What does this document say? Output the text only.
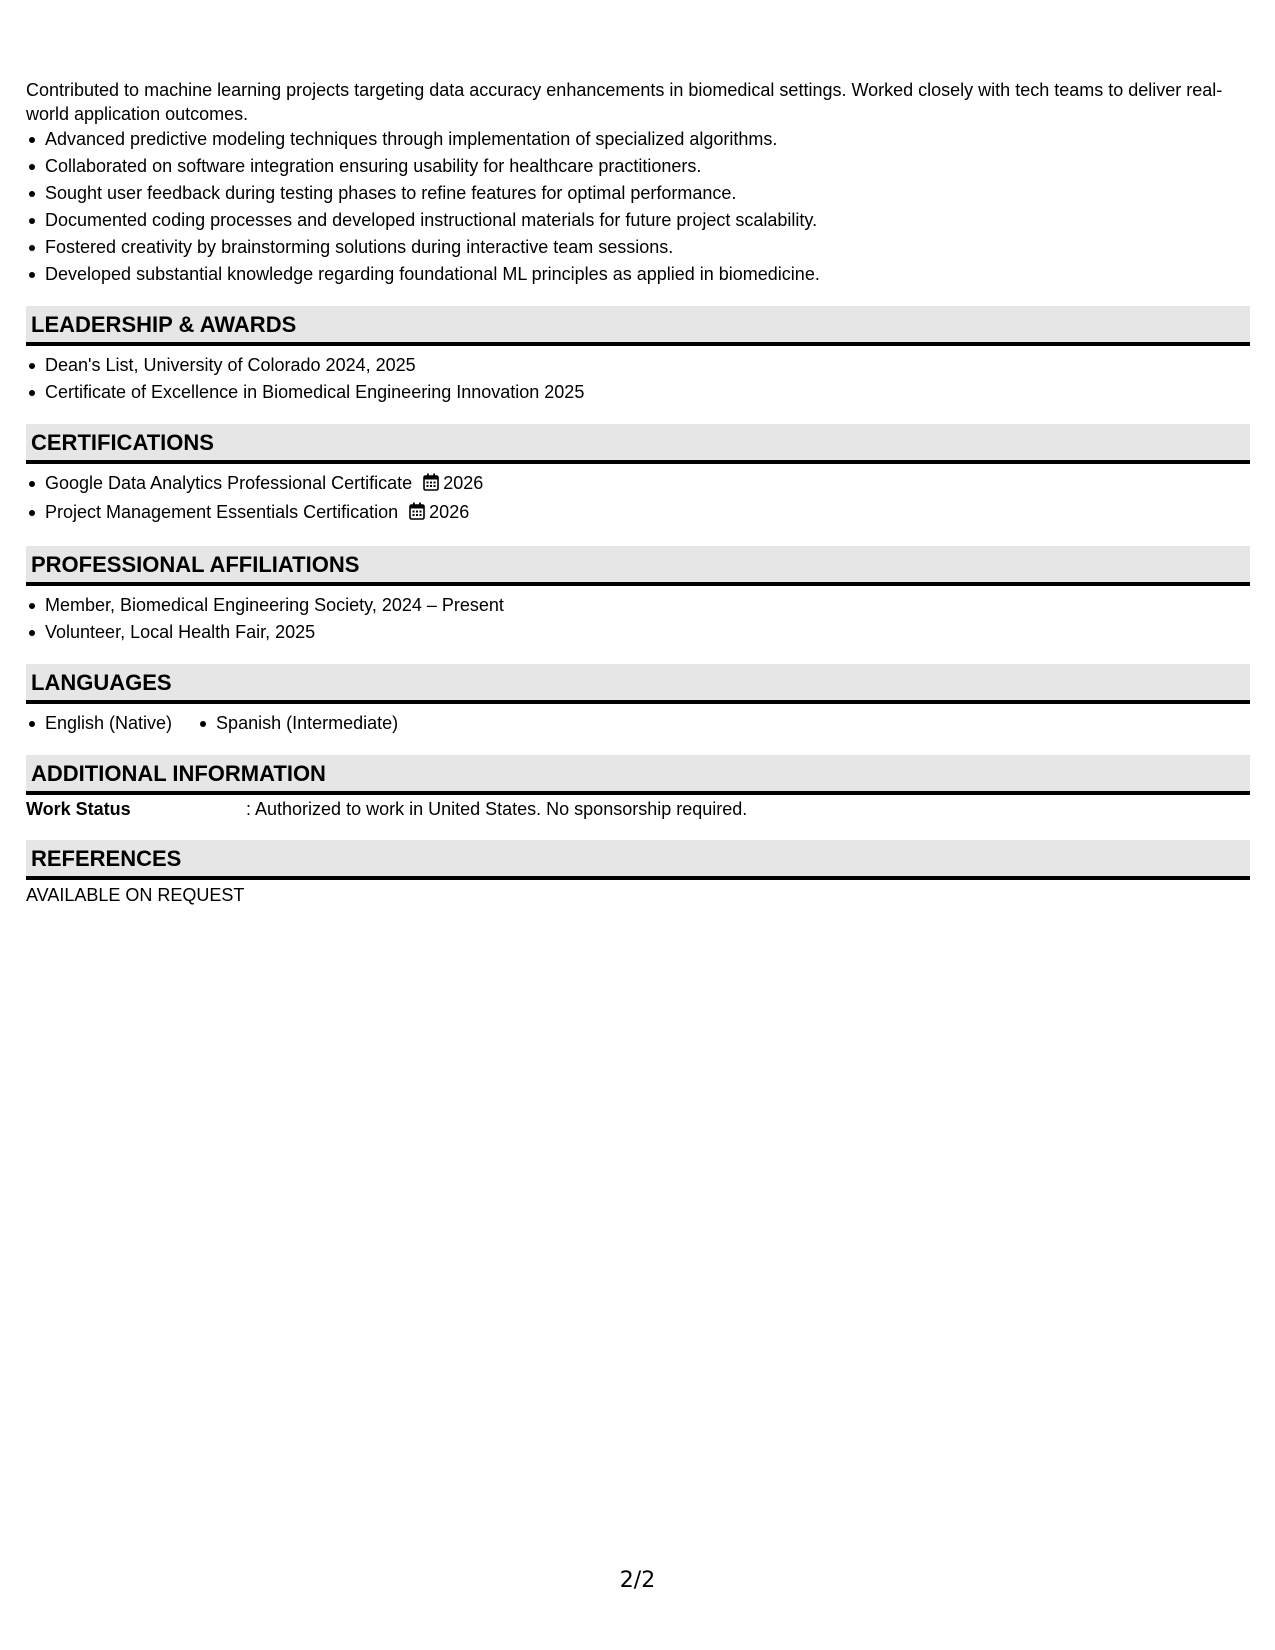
Contributed to machine learning projects targeting data accuracy enhancements in biomedical settings. Worked closely with tech teams to deliver real-world application outcomes.

Advanced predictive modeling techniques through implementation of specialized algorithms.
Collaborated on software integration ensuring usability for healthcare practitioners.
Sought user feedback during testing phases to refine features for optimal performance.
Documented coding processes and developed instructional materials for future project scalability.
Fostered creativity by brainstorming solutions during interactive team sessions.
Developed substantial knowledge regarding foundational ML principles as applied in biomedicine.
LEADERSHIP & AWARDS
Dean's List, University of Colorado 2024, 2025
Certificate of Excellence in Biomedical Engineering Innovation 2025
CERTIFICATIONS
Google Data Analytics Professional Certificate 2026
Project Management Essentials Certification 2026
PROFESSIONAL AFFILIATIONS
Member, Biomedical Engineering Society, 2024 – Present
Volunteer, Local Health Fair, 2025
LANGUAGES
English (Native) Spanish (Intermediate)
ADDITIONAL INFORMATION
Work Status	: Authorized to work in United States. No sponsorship required.
REFERENCES
AVAILABLE ON REQUEST
2/2
